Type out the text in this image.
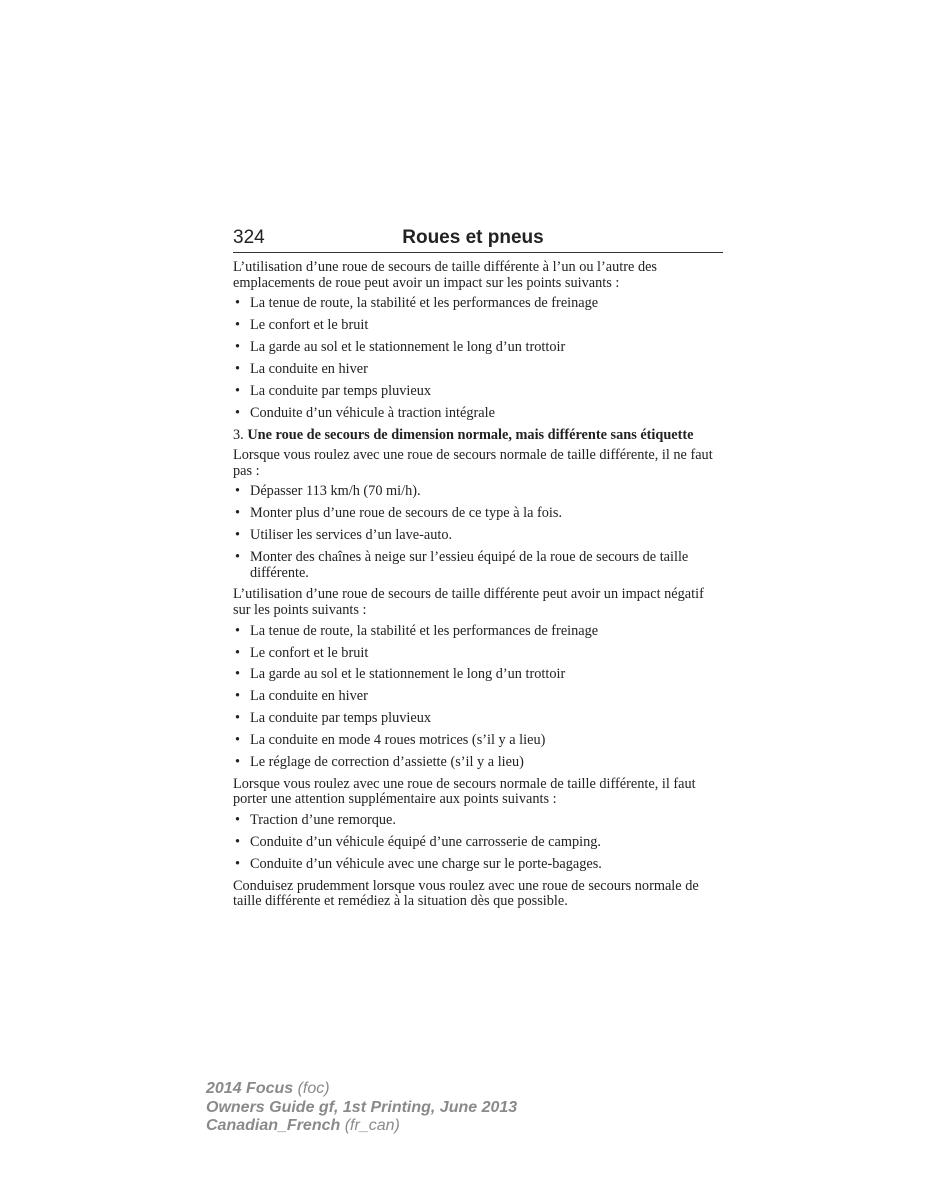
324	Roues et pneus

L’utilisation d’une roue de secours de taille différente à l’un ou l’autre des emplacements de roue peut avoir un impact sur les points suivants :

• La tenue de route, la stabilité et les performances de freinage
• Le confort et le bruit
• La garde au sol et le stationnement le long d’un trottoir
• La conduite en hiver
• La conduite par temps pluvieux
• Conduite d’un véhicule à traction intégrale

3. Une roue de secours de dimension normale, mais différente sans étiquette

Lorsque vous roulez avec une roue de secours normale de taille différente, il ne faut pas :

• Dépasser 113 km/h (70 mi/h).
• Monter plus d’une roue de secours de ce type à la fois.
• Utiliser les services d’un lave-auto.
• Monter des chaînes à neige sur l’essieu équipé de la roue de secours de taille différente.

L’utilisation d’une roue de secours de taille différente peut avoir un impact négatif sur les points suivants :

• La tenue de route, la stabilité et les performances de freinage
• Le confort et le bruit
• La garde au sol et le stationnement le long d’un trottoir
• La conduite en hiver
• La conduite par temps pluvieux
• La conduite en mode 4 roues motrices (s’il y a lieu)
• Le réglage de correction d’assiette (s’il y a lieu)

Lorsque vous roulez avec une roue de secours normale de taille différente, il faut porter une attention supplémentaire aux points suivants :

• Traction d’une remorque.
• Conduite d’un véhicule équipé d’une carrosserie de camping.
• Conduite d’un véhicule avec une charge sur le porte-bagages.

Conduisez prudemment lorsque vous roulez avec une roue de secours normale de taille différente et remédiez à la situation dès que possible.

2014 Focus (foc)
Owners Guide gf, 1st Printing, June 2013
Canadian_French (fr_can)
